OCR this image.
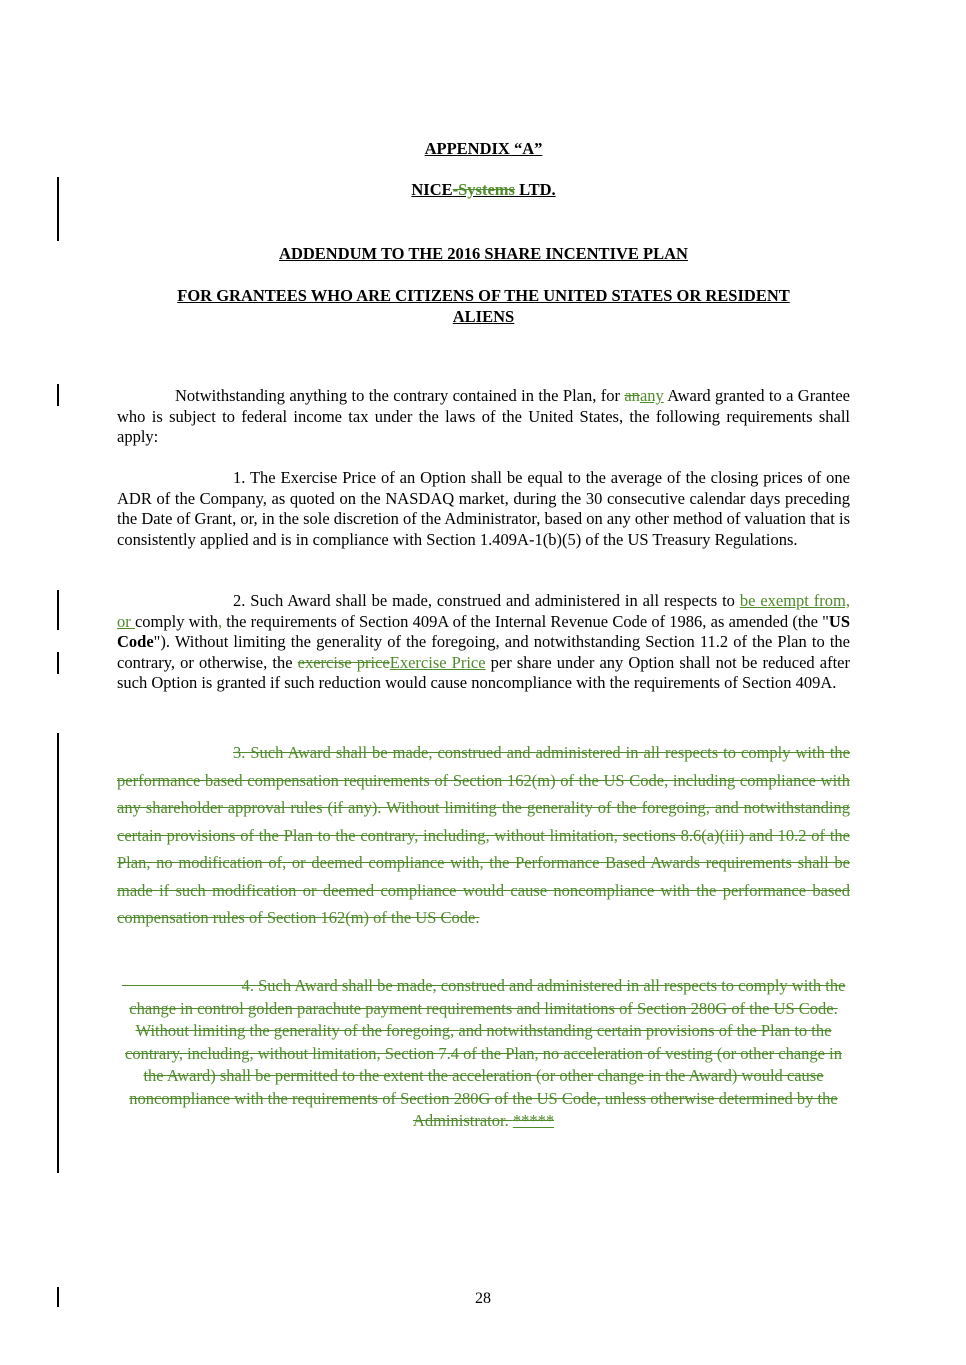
APPENDIX “A”
NICE-Systems LTD.
ADDENDUM TO THE 2016 SHARE INCENTIVE PLAN
FOR GRANTEES WHO ARE CITIZENS OF THE UNITED STATES OR RESIDENT
ALIENS
Notwithstanding anything to the contrary contained in the Plan, for anany Award granted to a Grantee who is subject to federal income tax under the laws of the United States, the following requirements shall apply:
1. The Exercise Price of an Option shall be equal to the average of the closing prices of one ADR of the Company, as quoted on the NASDAQ market, during the 30 consecutive calendar days preceding the Date of Grant, or, in the sole discretion of the Administrator, based on any other method of valuation that is consistently applied and is in compliance with Section 1.409A-1(b)(5) of the US Treasury Regulations.
2. Such Award shall be made, construed and administered in all respects to be exempt from, or comply with, the requirements of Section 409A of the Internal Revenue Code of 1986, as amended (the "US Code"). Without limiting the generality of the foregoing, and notwithstanding Section 11.2 of the Plan to the contrary, or otherwise, the exercise priceExercise Price per share under any Option shall not be reduced after such Option is granted if such reduction would cause noncompliance with the requirements of Section 409A.
3. Such Award shall be made, construed and administered in all respects to comply with the performance based compensation requirements of Section 162(m) of the US Code, including compliance with any shareholder approval rules (if any). Without limiting the generality of the foregoing, and notwithstanding certain provisions of the Plan to the contrary, including, without limitation, sections 8.6(a)(iii) and 10.2 of the Plan, no modification of, or deemed compliance with, the Performance Based Awards requirements shall be made if such modification or deemed compliance would cause noncompliance with the performance based compensation rules of Section 162(m) of the US Code.
4. Such Award shall be made, construed and administered in all respects to comply with the change in control golden parachute payment requirements and limitations of Section 280G of the US Code. Without limiting the generality of the foregoing, and notwithstanding certain provisions of the Plan to the contrary, including, without limitation, Section 7.4 of the Plan, no acceleration of vesting (or other change in the Award) shall be permitted to the extent the acceleration (or other change in the Award) would cause noncompliance with the requirements of Section 280G of the US Code, unless otherwise determined by the Administrator. *****
28
